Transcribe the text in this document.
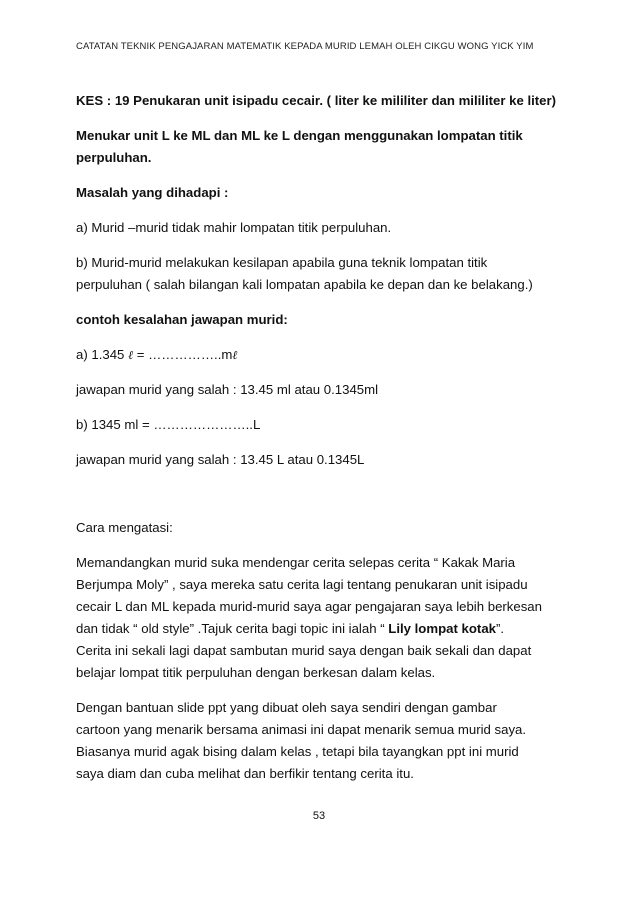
CATATAN TEKNIK PENGAJARAN MATEMATIK KEPADA MURID LEMAH OLEH CIKGU WONG YICK YIM

KES : 19 Penukaran unit isipadu cecair. ( liter ke mililiter dan mililiter ke liter)

Menukar unit L ke ML dan ML ke L dengan menggunakan lompatan titik

perpuluhan.

Masalah yang dihadapi :

a) Murid –murid tidak mahir lompatan titik perpuluhan.

b) Murid-murid melakukan kesilapan apabila guna teknik lompatan titik

perpuluhan ( salah bilangan kali lompatan apabila ke depan dan ke belakang.)

contoh kesalahan jawapan murid:

a) 1.345 ℓ = ……………..mℓ

jawapan murid yang salah : 13.45 ml atau 0.1345ml

b) 1345 ml = …………………..L

jawapan murid yang salah : 13.45 L atau 0.1345L

Cara mengatasi:

Memandangkan murid suka mendengar cerita selepas cerita “ Kakak Maria

Berjumpa Moly” , saya mereka satu cerita lagi tentang penukaran unit isipadu

cecair L dan ML kepada murid-murid saya agar pengajaran saya lebih berkesan

dan tidak “ old style” .Tajuk cerita bagi topic ini ialah “ Lily lompat kotak”.

Cerita ini sekali lagi dapat sambutan murid saya dengan baik sekali dan dapat

belajar lompat titik perpuluhan dengan berkesan dalam kelas.

Dengan bantuan slide ppt yang dibuat oleh saya sendiri dengan gambar

cartoon yang menarik bersama animasi ini dapat menarik semua murid saya.

Biasanya murid agak bising dalam kelas , tetapi bila tayangkan ppt ini murid

saya diam dan cuba melihat dan berfikir tentang cerita itu.

53
